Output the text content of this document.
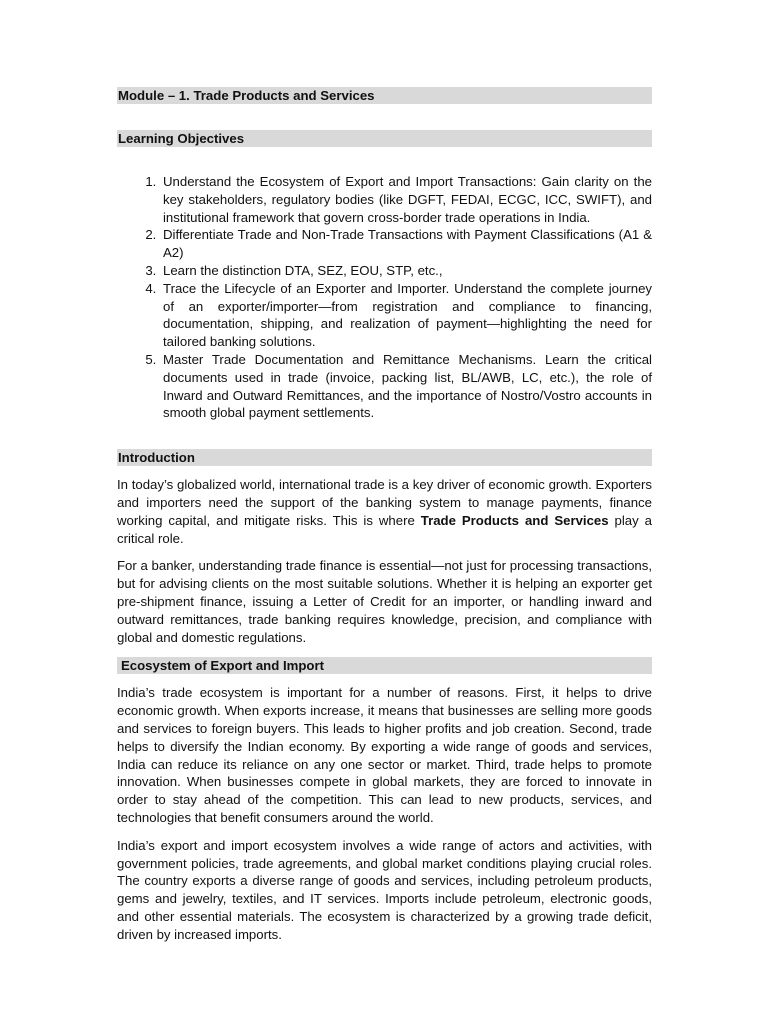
Module – 1. Trade Products and Services
Learning Objectives
1. Understand the Ecosystem of Export and Import Transactions: Gain clarity on the key stakeholders, regulatory bodies (like DGFT, FEDAI, ECGC, ICC, SWIFT), and institutional framework that govern cross-border trade operations in India.
2. Differentiate Trade and Non-Trade Transactions with Payment Classifications (A1 & A2)
3. Learn the distinction DTA, SEZ, EOU, STP, etc.,
4. Trace the Lifecycle of an Exporter and Importer. Understand the complete journey of an exporter/importer—from registration and compliance to financing, documentation, shipping, and realization of payment—highlighting the need for tailored banking solutions.
5. Master Trade Documentation and Remittance Mechanisms. Learn the critical documents used in trade (invoice, packing list, BL/AWB, LC, etc.), the role of Inward and Outward Remittances, and the importance of Nostro/Vostro accounts in smooth global payment settlements.
Introduction

In today’s globalized world, international trade is a key driver of economic growth. Exporters and importers need the support of the banking system to manage payments, finance working capital, and mitigate risks. This is where Trade Products and Services play a critical role.

For a banker, understanding trade finance is essential—not just for processing transactions, but for advising clients on the most suitable solutions. Whether it is helping an exporter get pre-shipment finance, issuing a Letter of Credit for an importer, or handling inward and outward remittances, trade banking requires knowledge, precision, and compliance with global and domestic regulations.

Ecosystem of Export and Import

India’s trade ecosystem is important for a number of reasons. First, it helps to drive economic growth. When exports increase, it means that businesses are selling more goods and services to foreign buyers. This leads to higher profits and job creation. Second, trade helps to diversify the Indian economy. By exporting a wide range of goods and services, India can reduce its reliance on any one sector or market. Third, trade helps to promote innovation. When businesses compete in global markets, they are forced to innovate in order to stay ahead of the competition. This can lead to new products, services, and technologies that benefit consumers around the world.

India’s export and import ecosystem involves a wide range of actors and activities, with government policies, trade agreements, and global market conditions playing crucial roles. The country exports a diverse range of goods and services, including petroleum products, gems and jewelry, textiles, and IT services. Imports include petroleum, electronic goods, and other essential materials. The ecosystem is characterized by a growing trade deficit, driven by increased imports.
